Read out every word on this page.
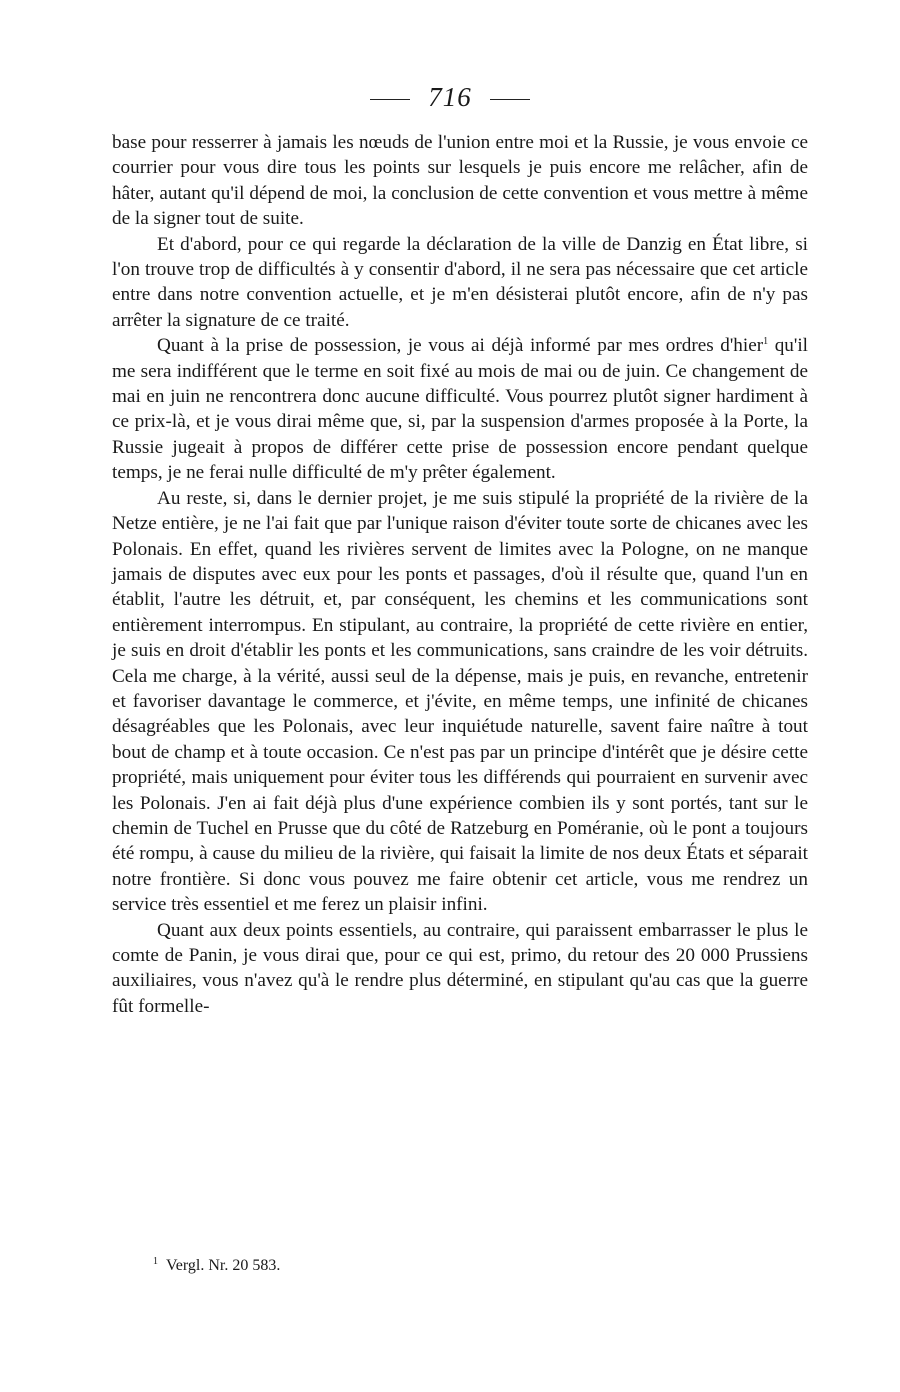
716

base pour resserrer à jamais les nœuds de l'union entre moi et la Russie, je vous envoie ce courrier pour vous dire tous les points sur lesquels je puis encore me relâcher, afin de hâter, autant qu'il dépend de moi, la conclusion de cette convention et vous mettre à même de la signer tout de suite.

Et d'abord, pour ce qui regarde la déclaration de la ville de Danzig en État libre, si l'on trouve trop de difficultés à y consentir d'abord, il ne sera pas nécessaire que cet article entre dans notre convention actuelle, et je m'en désisterai plutôt encore, afin de n'y pas arrêter la signature de ce traité.

Quant à la prise de possession, je vous ai déjà informé par mes ordres d'hier$^1$ qu'il me sera indifférent que le terme en soit fixé au mois de mai ou de juin. Ce changement de mai en juin ne rencontrera donc aucune difficulté. Vous pourrez plutôt signer hardiment à ce prix-là, et je vous dirai même que, si, par la suspension d'armes proposée à la Porte, la Russie jugeait à propos de différer cette prise de possession encore pendant quelque temps, je ne ferai nulle difficulté de m'y prêter également.

Au reste, si, dans le dernier projet, je me suis stipulé la propriété de la rivière de la Netze entière, je ne l'ai fait que par l'unique raison d'éviter toute sorte de chicanes avec les Polonais. En effet, quand les rivières servent de limites avec la Pologne, on ne manque jamais de disputes avec eux pour les ponts et passages, d'où il résulte que, quand l'un en établit, l'autre les détruit, et, par conséquent, les chemins et les communications sont entièrement interrompus. En stipulant, au contraire, la propriété de cette rivière en entier, je suis en droit d'établir les ponts et les communications, sans craindre de les voir détruits. Cela me charge, à la vérité, aussi seul de la dépense, mais je puis, en revanche, entretenir et favoriser davantage le commerce, et j'évite, en même temps, une infinité de chicanes désagréables que les Polonais, avec leur inquiétude naturelle, savent faire naître à tout bout de champ et à toute occasion. Ce n'est pas par un principe d'intérêt que je désire cette propriété, mais uniquement pour éviter tous les différends qui pourraient en survenir avec les Polonais. J'en ai fait déjà plus d'une expérience combien ils y sont portés, tant sur le chemin de Tuchel en Prusse que du côté de Ratzeburg en Poméranie, où le pont a toujours été rompu, à cause du milieu de la rivière, qui faisait la limite de nos deux États et séparait notre frontière. Si donc vous pouvez me faire obtenir cet article, vous me rendrez un service très essentiel et me ferez un plaisir infini.

Quant aux deux points essentiels, au contraire, qui paraissent embarrasser le plus le comte de Panin, je vous dirai que, pour ce qui est, primo, du retour des 20 000 Prussiens auxiliaires, vous n'avez qu'à le rendre plus déterminé, en stipulant qu'au cas que la guerre fût formelle-

$^1$ Vergl. Nr. 20 583.
